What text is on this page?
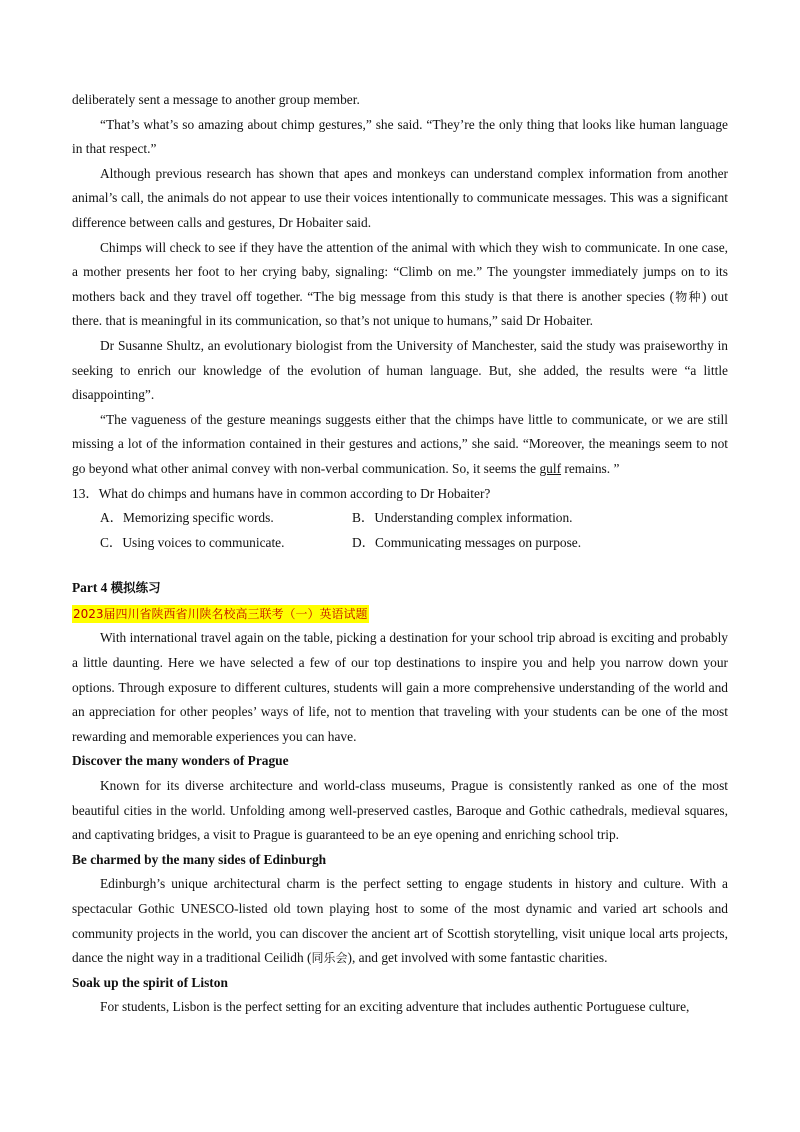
deliberately sent a message to another group member.

“That’s what’s so amazing about chimp gestures,” she said. “They’re the only thing that looks like human language in that respect.”

Although previous research has shown that apes and monkeys can understand complex information from another animal’s call, the animals do not appear to use their voices intentionally to communicate messages. This was a significant difference between calls and gestures, Dr Hobaiter said.

Chimps will check to see if they have the attention of the animal with which they wish to communicate. In one case, a mother presents her foot to her crying baby, signaling: “Climb on me.” The youngster immediately jumps on to its mothers back and they travel off together. “The big message from this study is that there is another species (物种) out there. that is meaningful in its communication, so that’s not unique to humans,” said Dr Hobaiter.

Dr Susanne Shultz, an evolutionary biologist from the University of Manchester, said the study was praiseworthy in seeking to enrich our knowledge of the evolution of human language. But, she added, the results were “a little disappointing”.

“The vagueness of the gesture meanings suggests either that the chimps have little to communicate, or we are still missing a lot of the information contained in their gestures and actions,” she said. “Moreover, the meanings seem to not go beyond what other animal convey with non-verbal communication. So, it seems the gulf remains. ”

13．What do chimps and humans have in common according to Dr Hobaiter?

A．Memorizing specific words.	B．Understanding complex information.
C．Using voices to communicate.	D．Communicating messages on purpose.

Part 4 模拟练习

2023届四川省陕西省川陕名校高三联考（一）英语试题

With international travel again on the table, picking a destination for your school trip abroad is exciting and probably a little daunting. Here we have selected a few of our top destinations to inspire you and help you narrow down your options. Through exposure to different cultures, students will gain a more comprehensive understanding of the world and an appreciation for other peoples’ ways of life, not to mention that traveling with your students can be one of the most rewarding and memorable experiences you can have.

Discover the many wonders of Prague

Known for its diverse architecture and world-class museums, Prague is consistently ranked as one of the most beautiful cities in the world. Unfolding among well-preserved castles, Baroque and Gothic cathedrals, medieval squares, and captivating bridges, a visit to Prague is guaranteed to be an eye opening and enriching school trip.

Be charmed by the many sides of Edinburgh

Edinburgh’s unique architectural charm is the perfect setting to engage students in history and culture. With a spectacular Gothic UNESCO-listed old town playing host to some of the most dynamic and varied art schools and community projects in the world, you can discover the ancient art of Scottish storytelling, visit unique local arts projects, dance the night way in a traditional Ceilidh (同乐会), and get involved with some fantastic charities.

Soak up the spirit of Liston

For students, Lisbon is the perfect setting for an exciting adventure that includes authentic Portuguese culture,
